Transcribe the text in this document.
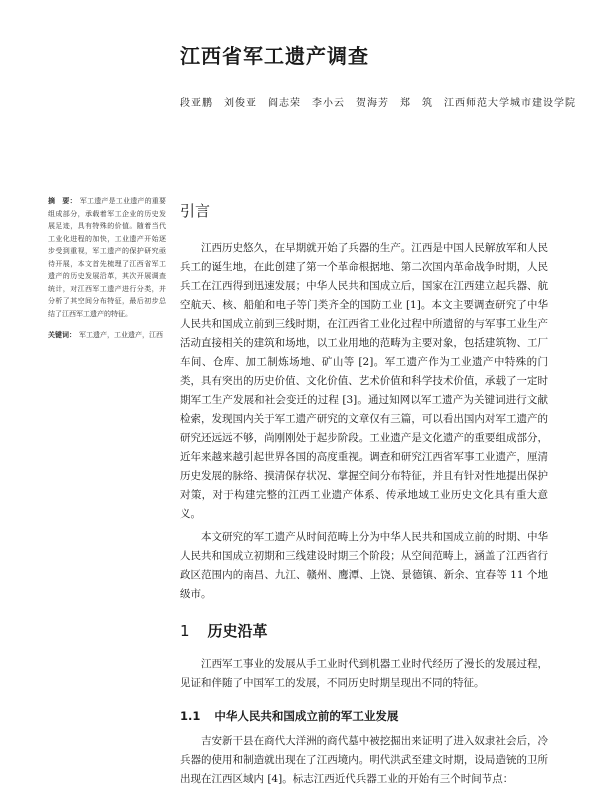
江西省军工遗产调查
段亚鹏　刘俊亚　阎志荣　李小云　贺海芳　郑　筑　江西师范大学城市建设学院
摘　要： 军工遗产是工业遗产的重要组成部分，承载着军工企业的历史发展足迹，具有特殊的价值。随着当代工业化进程的加快，工业遗产开始逐步受到重视，军工遗产的保护研究亟待开展，本文首先梳理了江西省军工遗产的历史发展沿革，其次开展调查统计，对江西军工遗产进行分类，并分析了其空间分布特征，最后初步总结了江西军工遗产的特征。
关键词： 军工遗产，工业遗产，江西
引言

江西历史悠久，在早期就开始了兵器的生产。江西是中国人民解放军和人民兵工的诞生地，在此创建了第一个革命根据地、第二次国内革命战争时期，人民兵工在江西得到迅速发展；中华人民共和国成立后，国家在江西建立起兵器、航空航天、核、船舶和电子等门类齐全的国防工业 [1]。本文主要调查研究了中华人民共和国成立前到三线时期，在江西省工业化过程中所遗留的与军事工业生产活动直接相关的建筑和场地，以工业用地的范畴为主要对象，包括建筑物、工厂车间、仓库、加工制炼场地、矿山等 [2]。军工遗产作为工业遗产中特殊的门类，具有突出的历史价值、文化价值、艺术价值和科学技术价值，承载了一定时期军工生产发展和社会变迁的过程 [3]。通过知网以军工遗产为关键词进行文献检索，发现国内关于军工遗产研究的文章仅有三篇，可以看出国内对军工遗产的研究还远远不够，尚刚刚处于起步阶段。工业遗产是文化遗产的重要组成部分，近年来越来越引起世界各国的高度重视。调查和研究江西省军事工业遗产，厘清历史发展的脉络、摸清保存状况、掌握空间分布特征，并且有针对性地提出保护对策，对于构建完整的江西工业遗产体系、传承地域工业历史文化具有重大意义。

本文研究的军工遗产从时间范畴上分为中华人民共和国成立前的时期、中华人民共和国成立初期和三线建设时期三个阶段；从空间范畴上，涵盖了江西省行政区范围内的南昌、九江、赣州、鹰潭、上饶、景德镇、新余、宜春等 11 个地级市。

1 历史沿革

江西军工事业的发展从手工业时代到机器工业时代经历了漫长的发展过程，见证和伴随了中国军工的发展，不同历史时期呈现出不同的特征。

1.1 中华人民共和国成立前的军工业发展

吉安新干县在商代大洋洲的商代墓中被挖掘出来证明了进入奴隶社会后，冷兵器的使用和制造就出现在了江西境内。明代洪武至建文时期，设局造铳的卫所出现在江西区域内 [4]。标志江西近代兵器工业的开始有三个时间节点：
